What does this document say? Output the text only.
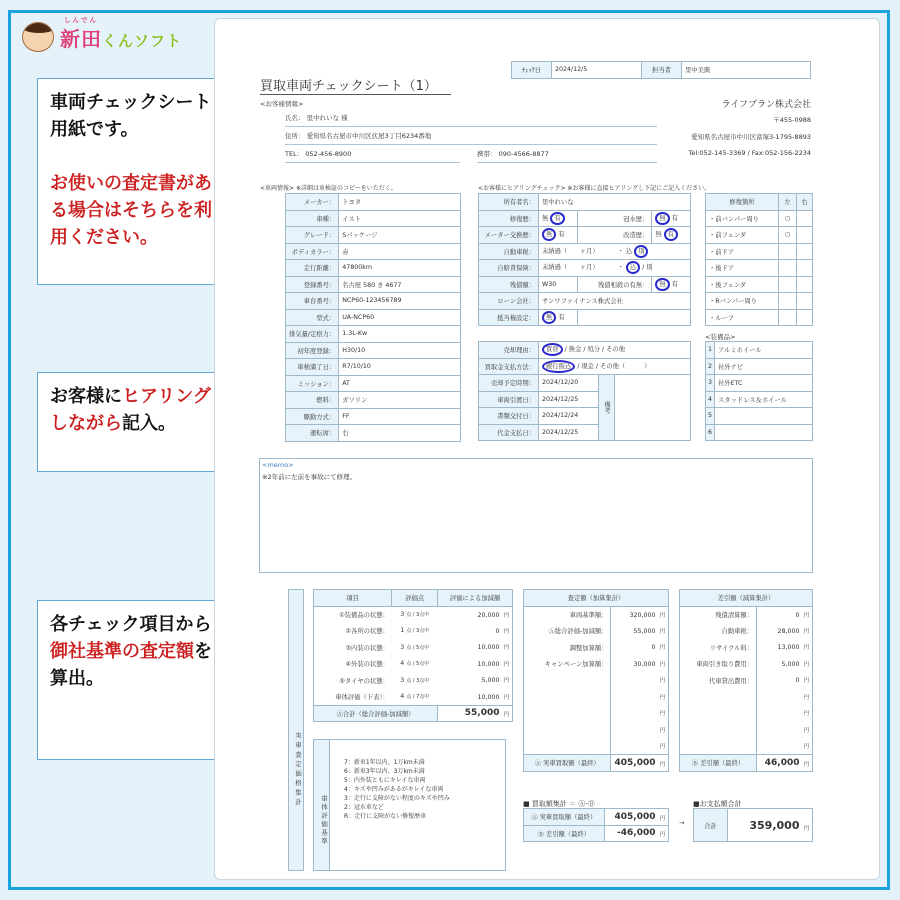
しんでん
新田くんソフト
車両チェックシート用紙です。

お使いの査定書がある場合はそちらを利用ください。
お客様にヒアリングしながら記入。
各チェック項目から御社基準の査定額を算出。
買取車両チェックシート（1）
ﾁｪｯｸ日	2024/12/5	担当者	里中美興
<お客様情報>
氏名： 里中れいな 様
住所： 愛知県名古屋市中川区伏屋3丁目6234番地
TEL： 052-456-8900	携帯： 090-4566-8877
ライフプラン株式会社
〒455-0988
愛知県名古屋市中川区富塚3-1795-8893
Tel:052-145-3369 / Fax:052-156-2234
<車両情報> ※詳細は車検証のコピーをいただく。
メーカー：	トヨタ
車種：	イスト
グレード：	Sパッケージ
ボディカラー：	赤
走行距離：	47800km
登録番号：	名古屋 580 き 4677
車台番号：	NCP60-123456789
型式：	UA-NCP60
排気量/定格力：	1.3L-Kw
初年度登録：	H30/10
車検満了日：	R7/10/10
ミッション：	AT
燃料：	ガソリン
駆動方式：	FF
運転席：	右
<お客様にヒアリングチェック> ※お客様に直接ヒアリングし下記にご記入ください。
所有者名：	里中れいな		
修復歴：	無 有	冠水歴：	無 有
メーター交換歴：	無 有	改造歴：	無 有
自動車税：	未納過（   ヶ月）   ・ 込 別		
自賠責保険：	未納過（   ヶ月）   ・ 込 / 別		
残債額：	W30	残債相殺の有無：	無 有
ローン会社：	サンワファイナンス株式会社		
抵当権設定：	無 有		
売却理由：	買替 / 換金 / 処分 / その他		
買取金支払方法：	銀行振込 / 現金 / その他（    ）		
売却予定時期：	2024/12/20	備考	
車両引渡日：	2024/12/25		
書類交付日：	2024/12/24		
代金支払日：	2024/12/25		
修復箇所	左	右
・前バンパー周り	○	
・前フェンダ	○	
・前ドア		
・後ドア		
・後フェンダ		
・Rバンパー周り		
・ルーフ		
<装備品>
1	アルミホイール
2	社外ナビ
3	社外ETC
4	スタッドレス＆ホイール
5	
6	
<memo>
※2年前に左前を事故にて修理。
実車査定価格集計
項目	評価点	評価による加減額
①装備品の状態：	3 点 / 3点中	20,000 円
②各所の状態：	1 点 / 3点中	0 円
③内装の状態：	3 点 / 5点中	10,000 円
④外装の状態：	4 点 / 5点中	10,000 円
⑤タイヤの状態：	3 点 / 3点中	5,000 円
車体評価（下表）：	4 点 / 7点中	10,000 円
Ⓐ合計（総合評価-加減額）		55,000 円
車体評価基準
7：新車1年以内、1万km未満
6：新車3年以内、3万km未満
5：内外装ともにキレイな車両
4：キズや凹みがあるがキレイな車両
3：走行に支障がない程度のキズや凹み
2：冠水車など
R：走行に支障がない修復歴車
査定額（加算集計）	
車両基準額：	320,000 円
Ⓐ総合評価-加減額：	55,000 円
調整加算額：	0 円
キャンペーン加算額：	30,000 円
	円
	円
	円
	円
	円
Ⓐ 実車買取額（最終）	405,000 円
差引額（減算集計）	
残債清算額：	0 円
自動車税：	28,000 円
リサイクル料：	13,000 円
車両引き取り費用：	5,000 円
代車貸出費用：	0 円
	円
	円
	円
	円
Ⓑ 差引額（最終）	46,000 円
■ 買取額集計 ＝ Ⓐ-Ⓑ
Ⓐ 実車買取額（最終）	405,000 円
Ⓑ 差引額（最終）	-46,000 円
→
■お支払額合計
合計	359,000 円
